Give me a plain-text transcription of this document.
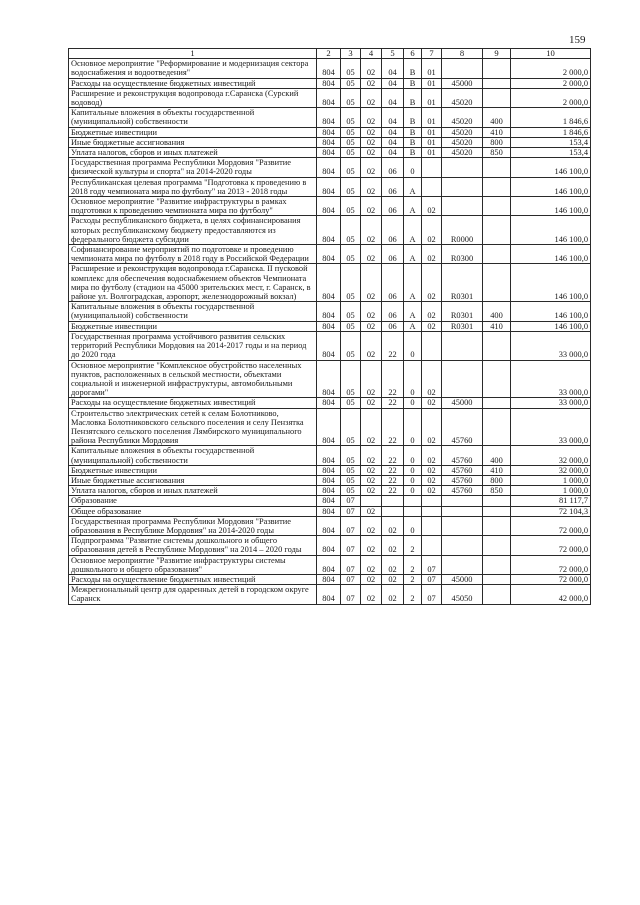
159
1	2	3	4	5	6	7	8	9	10
Основное мероприятие "Реформирование и модернизация сектора водоснабжения и водоотведения"	804	05	02	04	В	01			2 000,0
Расходы на осуществление бюджетных инвестиций	804	05	02	04	В	01	45000		2 000,0
Расширение и реконструкция водопровода г.Саранска (Сурский водовод)	804	05	02	04	В	01	45020		2 000,0
Капитальные вложения в объекты государственной (муниципальной) собственности	804	05	02	04	В	01	45020	400	1 846,6
Бюджетные инвестиции	804	05	02	04	В	01	45020	410	1 846,6
Иные бюджетные ассигнования	804	05	02	04	В	01	45020	800	153,4
Уплата налогов, сборов и иных платежей	804	05	02	04	В	01	45020	850	153,4
Государственная программа Республики Мордовия "Развитие физической культуры и спорта" на 2014-2020 годы	804	05	02	06	0				146 100,0
Республиканская целевая программа "Подготовка к проведению в 2018 году чемпионата мира по футболу" на 2013 - 2018 годы	804	05	02	06	А				146 100,0
Основное мероприятие "Развитие инфраструктуры в рамках подготовки к проведению чемпионата мира по футболу"	804	05	02	06	А	02			146 100,0
Расходы республиканского бюджета, в целях софинансирования которых республиканскому бюджету предоставляются из федерального бюджета субсидии	804	05	02	06	А	02	R0000		146 100,0
Софинансирование мероприятий по подготовке и проведению чемпионата мира по футболу в 2018 году в Российской Федерации	804	05	02	06	А	02	R0300		146 100,0
Расширение и реконструкция водопровода г.Саранска. II пусковой комплекс для обеспечения водоснабжением объектов Чемпионата мира по футболу (стадион на 45000 зрительских мест, г. Саранск, в районе ул. Волгоградская, аэропорт, железнодорожный вокзал)	804	05	02	06	А	02	R0301		146 100,0
Капитальные вложения в объекты государственной (муниципальной) собственности	804	05	02	06	А	02	R0301	400	146 100,0
Бюджетные инвестиции	804	05	02	06	А	02	R0301	410	146 100,0
Государственная программа устойчивого развития сельских территорий Республики Мордовия на 2014-2017 годы и на период до 2020 года	804	05	02	22	0				33 000,0
Основное мероприятие "Комплексное обустройство населенных пунктов, расположенных в сельской местности, объектами социальной и инженерной инфраструктуры, автомобильными дорогами"	804	05	02	22	0	02			33 000,0
Расходы на осуществление бюджетных инвестиций	804	05	02	22	0	02	45000		33 000,0
Строительство электрических сетей к селам Болотниково, Масловка Болотниковского сельского поселения и селу Пензятка Пензятского сельского поселения Лямбирского муниципального района Республики Мордовия	804	05	02	22	0	02	45760		33 000,0
Капитальные вложения в объекты государственной (муниципальной) собственности	804	05	02	22	0	02	45760	400	32 000,0
Бюджетные инвестиции	804	05	02	22	0	02	45760	410	32 000,0
Иные бюджетные ассигнования	804	05	02	22	0	02	45760	800	1 000,0
Уплата налогов, сборов и иных платежей	804	05	02	22	0	02	45760	850	1 000,0
Образование	804	07							81 117,7
Общее образование	804	07	02						72 104,3
Государственная программа Республики Мордовия "Развитие образования в Республике Мордовия" на 2014-2020 годы	804	07	02	02	0				72 000,0
Подпрограмма "Развитие системы дошкольного и общего образования детей в Республике Мордовия" на 2014 – 2020 годы	804	07	02	02	2				72 000,0
Основное мероприятие "Развитие инфраструктуры системы дошкольного и общего образования"	804	07	02	02	2	07			72 000,0
Расходы на осуществление бюджетных инвестиций	804	07	02	02	2	07	45000		72 000,0
Межрегиональный центр для одаренных детей в городском округе Саранск	804	07	02	02	2	07	45050		42 000,0
